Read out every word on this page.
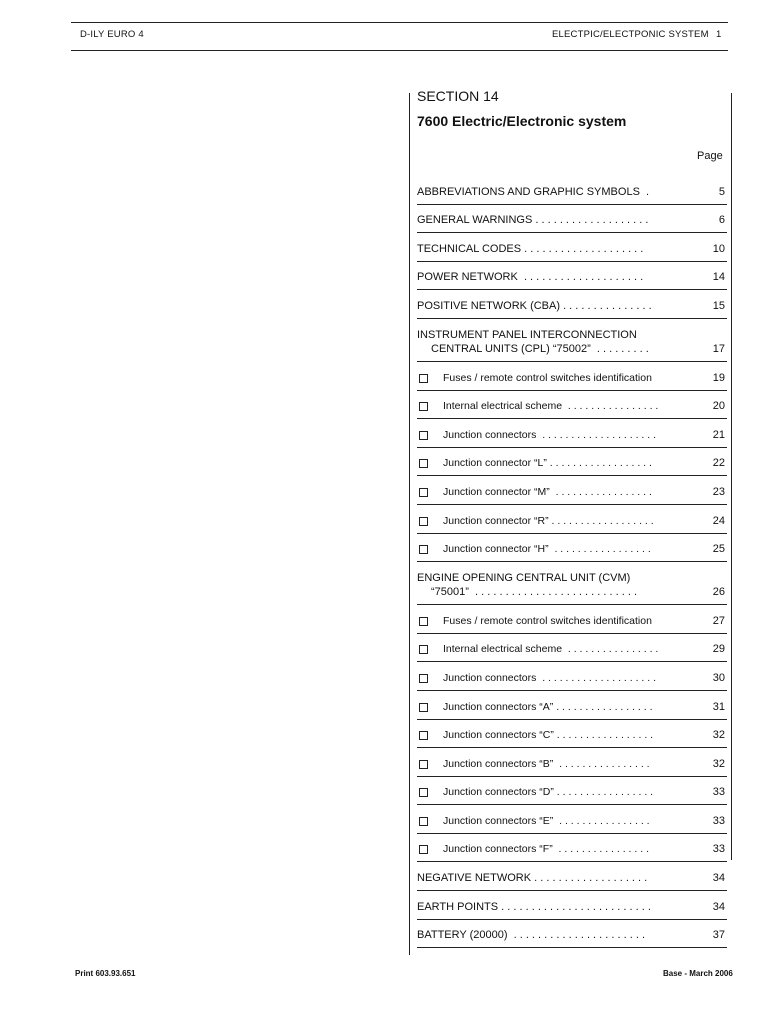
D-ILY EURO 4	ELECTPIC/ELECTPONIC SYSTEM 1
SECTION 14
7600 Electric/Electronic system
Page
ABBREVIATIONS AND GRAPHIC SYMBOLS  .	5
GENERAL WARNINGS . . . . . . . . . . . . . . . . . . .	6
TECHNICAL CODES . . . . . . . . . . . . . . . . . . . .	10
POWER NETWORK  . . . . . . . . . . . . . . . . . . . .	14
POSITIVE NETWORK (CBA) . . . . . . . . . . . . . . .	15
INSTRUMENT PANEL INTERCONNECTION
CENTRAL UNITS (CPL) “75002”  . . . . . . . . .	17
Fuses / remote control switches identification	19
Internal electrical scheme  . . . . . . . . . . . . . . . .	20
Junction connectors  . . . . . . . . . . . . . . . . . . . .	21
Junction connector “L” . . . . . . . . . . . . . . . . . .	22
Junction connector “M”  . . . . . . . . . . . . . . . . .	23
Junction connector “R” . . . . . . . . . . . . . . . . . .	24
Junction connector “H”  . . . . . . . . . . . . . . . . .	25
ENGINE OPENING CENTRAL UNIT (CVM)
“75001”  . . . . . . . . . . . . . . . . . . . . . . . . . . .	26
Fuses / remote control switches identification	27
Internal electrical scheme  . . . . . . . . . . . . . . . .	29
Junction connectors  . . . . . . . . . . . . . . . . . . . .	30
Junction connectors “A” . . . . . . . . . . . . . . . . .	31
Junction connectors “C” . . . . . . . . . . . . . . . . .	32
Junction connectors “B”  . . . . . . . . . . . . . . . .	32
Junction connectors “D” . . . . . . . . . . . . . . . . .	33
Junction connectors “E”  . . . . . . . . . . . . . . . .	33
Junction connectors “F”  . . . . . . . . . . . . . . . .	33
NEGATIVE NETWORK . . . . . . . . . . . . . . . . . . .	34
EARTH POINTS . . . . . . . . . . . . . . . . . . . . . . . . .	34
BATTERY (20000)  . . . . . . . . . . . . . . . . . . . . . .	37
Print 603.93.651	Base - March 2006
